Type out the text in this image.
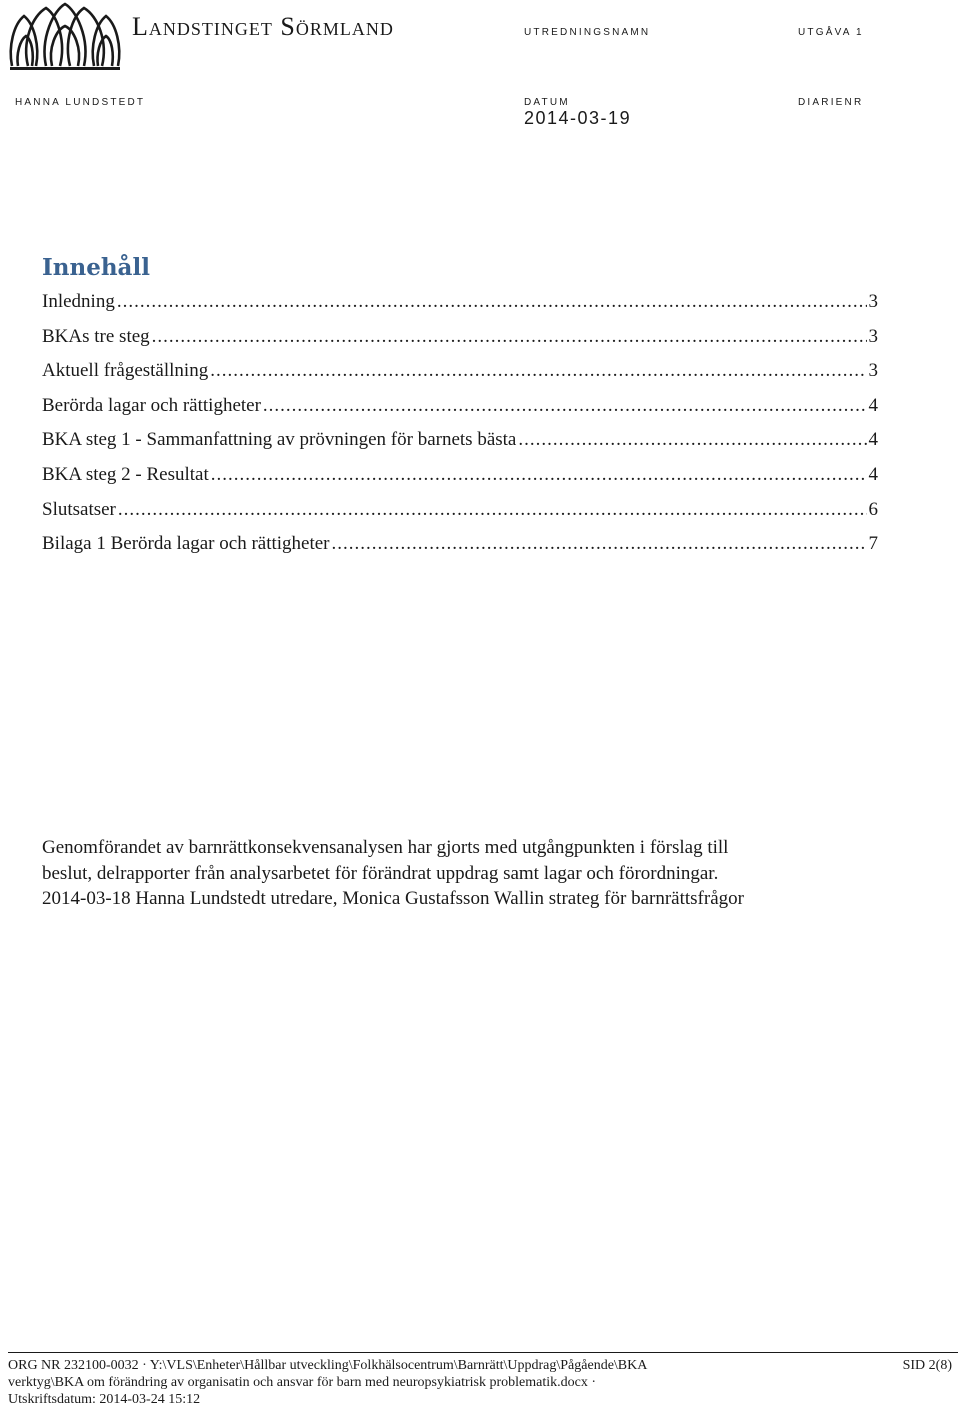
Landstinget Sörmland	UTREDNINGSNAMN	UTGÅVA 1
HANNA LUNDSTEDT	DATUM
2014-03-19
DIARIENR
Innehåll
Inledning .....	3
BKAs tre steg .....	3
Aktuell frågeställning .....	3
Berörda lagar och rättigheter .....	4
BKA steg 1 - Sammanfattning av prövningen för barnets bästa .....	4
BKA steg 2 - Resultat .....	4
Slutsatser .....	6
Bilaga 1 Berörda lagar och rättigheter .....	7
Genomförandet av barnrättkonsekvensanalysen har gjorts med utgångpunkten i förslag till
beslut, delrapporter från analysarbetet för förändrat uppdrag samt lagar och förordningar.
2014-03-18 Hanna Lundstedt utredare, Monica Gustafsson Wallin strateg för barnrättsfrågor
ORG NR 232100-0032 · Y:\VLS\Enheter\Hållbar utveckling\Folkhälsocentrum\Barnrätt\Uppdrag\Pågående\BKA
verktyg\BKA om förändring av organisatin och ansvar för barn med neuropsykiatrisk problematik.docx ·
Utskriftsdatum: 2014-03-24 15:12
SID 2(8)
